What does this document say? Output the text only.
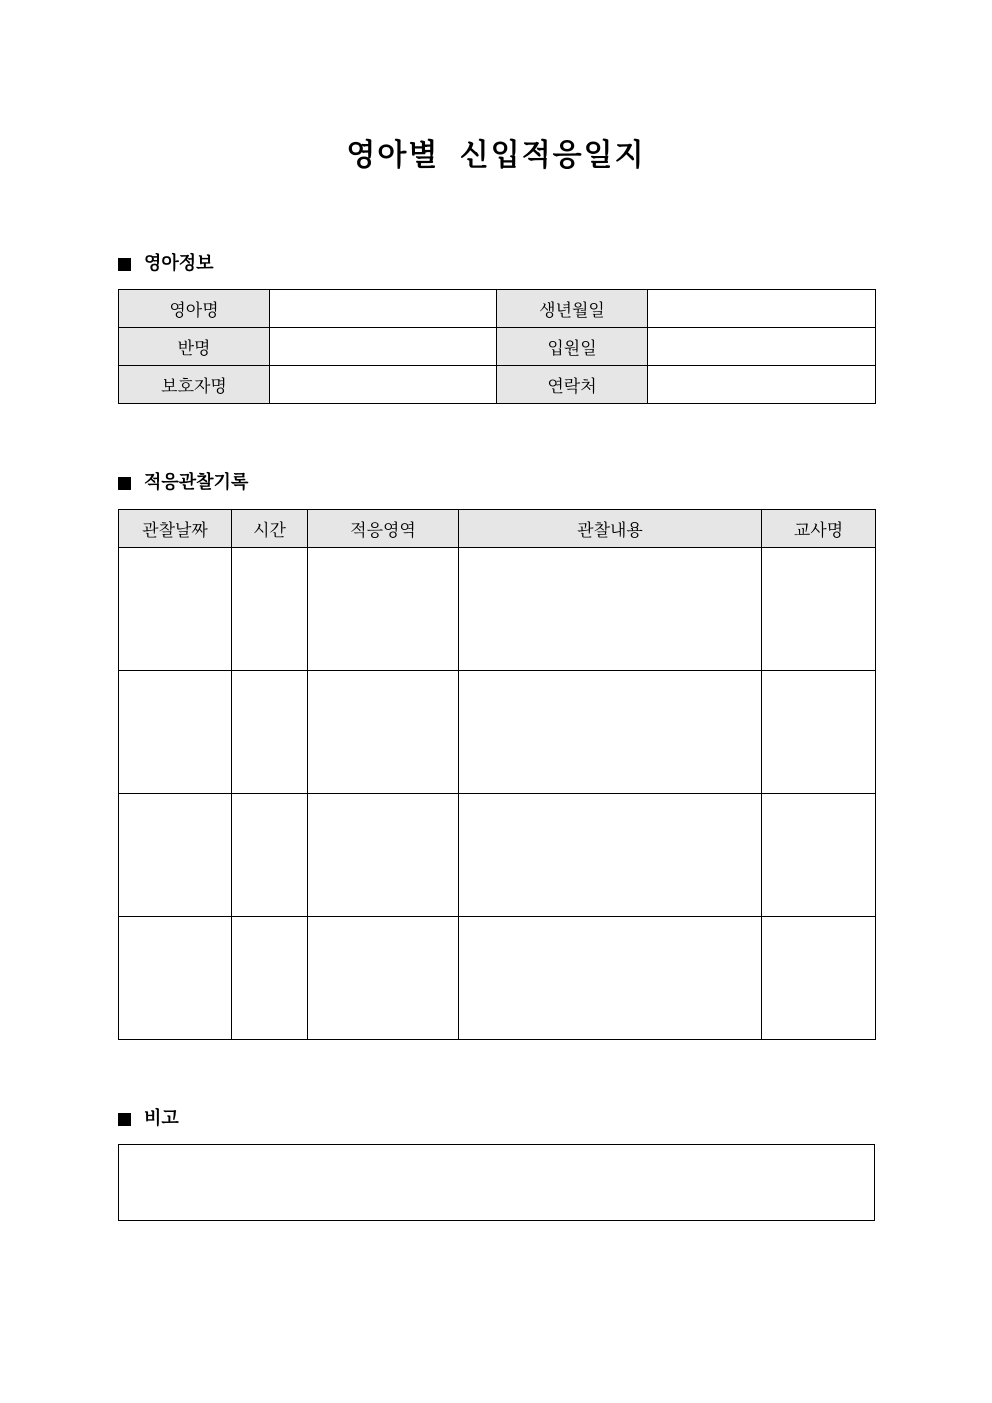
영아별 신입적응일지
영아정보
영아명		생년월일	
반명		입원일	
보호자명		연락처	
적응관찰기록
관찰날짜	시간	적응영역	관찰내용	교사명

비고
